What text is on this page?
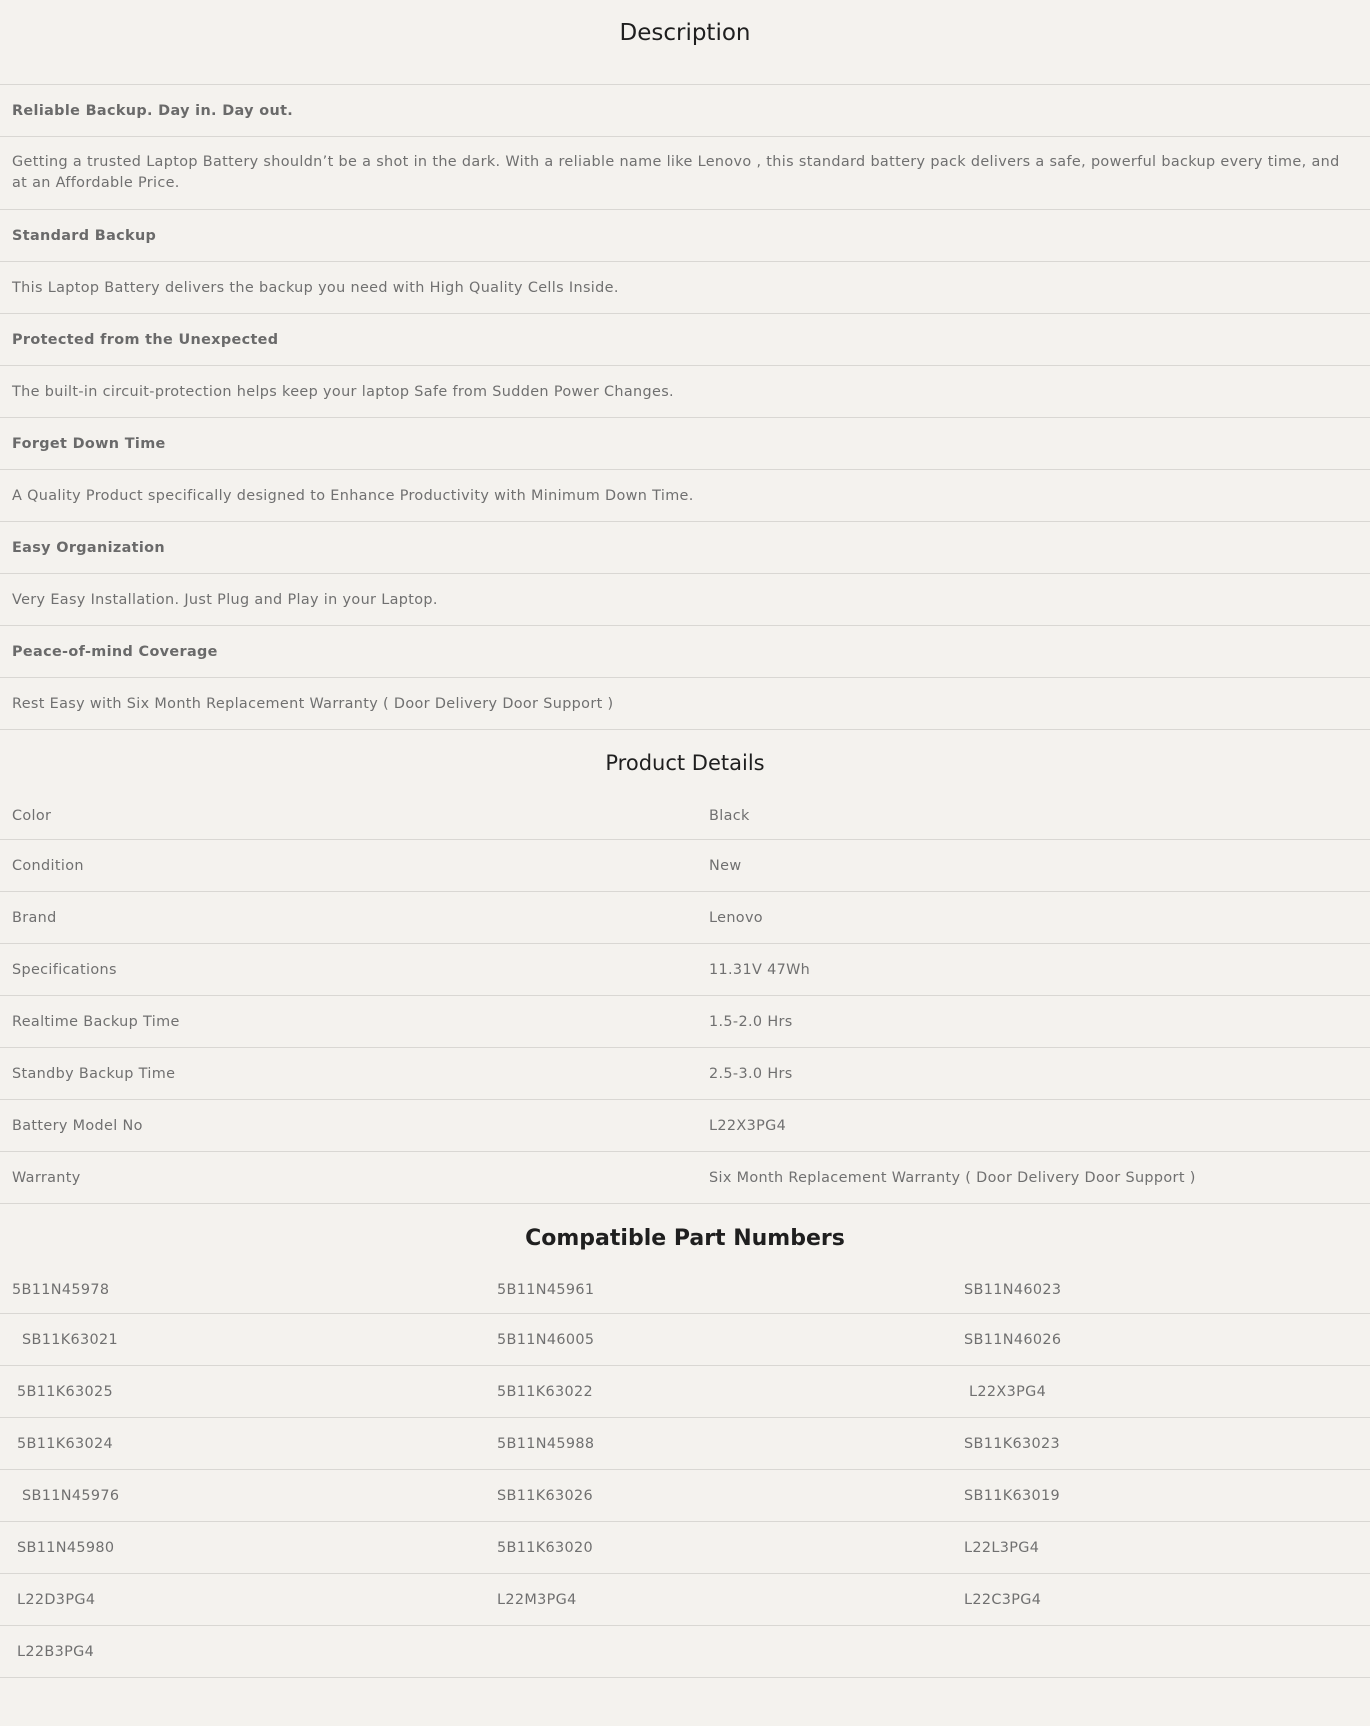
Description
Reliable Backup. Day in. Day out.
Getting a trusted Laptop Battery shouldn’t be a shot in the dark. With a reliable name like Lenovo , this standard battery pack delivers a safe, powerful backup every time, and at an Affordable Price.
Standard Backup
This Laptop Battery delivers the backup you need with High Quality Cells Inside.
Protected from the Unexpected
The built-in circuit-protection helps keep your laptop Safe from Sudden Power Changes.
Forget Down Time
A Quality Product specifically designed to Enhance Productivity with Minimum Down Time.
Easy Organization
Very Easy Installation. Just Plug and Play in your Laptop.
Peace-of-mind Coverage
Rest Easy with Six Month Replacement Warranty ( Door Delivery Door Support )
Product Details
Color	Black
Condition	New
Brand	Lenovo
Specifications	11.31V 47Wh
Realtime Backup Time	1.5-2.0 Hrs
Standby Backup Time	2.5-3.0 Hrs
Battery Model No	L22X3PG4
Warranty	Six Month Replacement Warranty ( Door Delivery Door Support )
Compatible Part Numbers
5B11N45978	5B11N45961	SB11N46023
SB11K63021	5B11N46005	SB11N46026
5B11K63025	5B11K63022	L22X3PG4
5B11K63024	5B11N45988	SB11K63023
SB11N45976	SB11K63026	SB11K63019
SB11N45980	5B11K63020	L22L3PG4
L22D3PG4	L22M3PG4	L22C3PG4
L22B3PG4		
